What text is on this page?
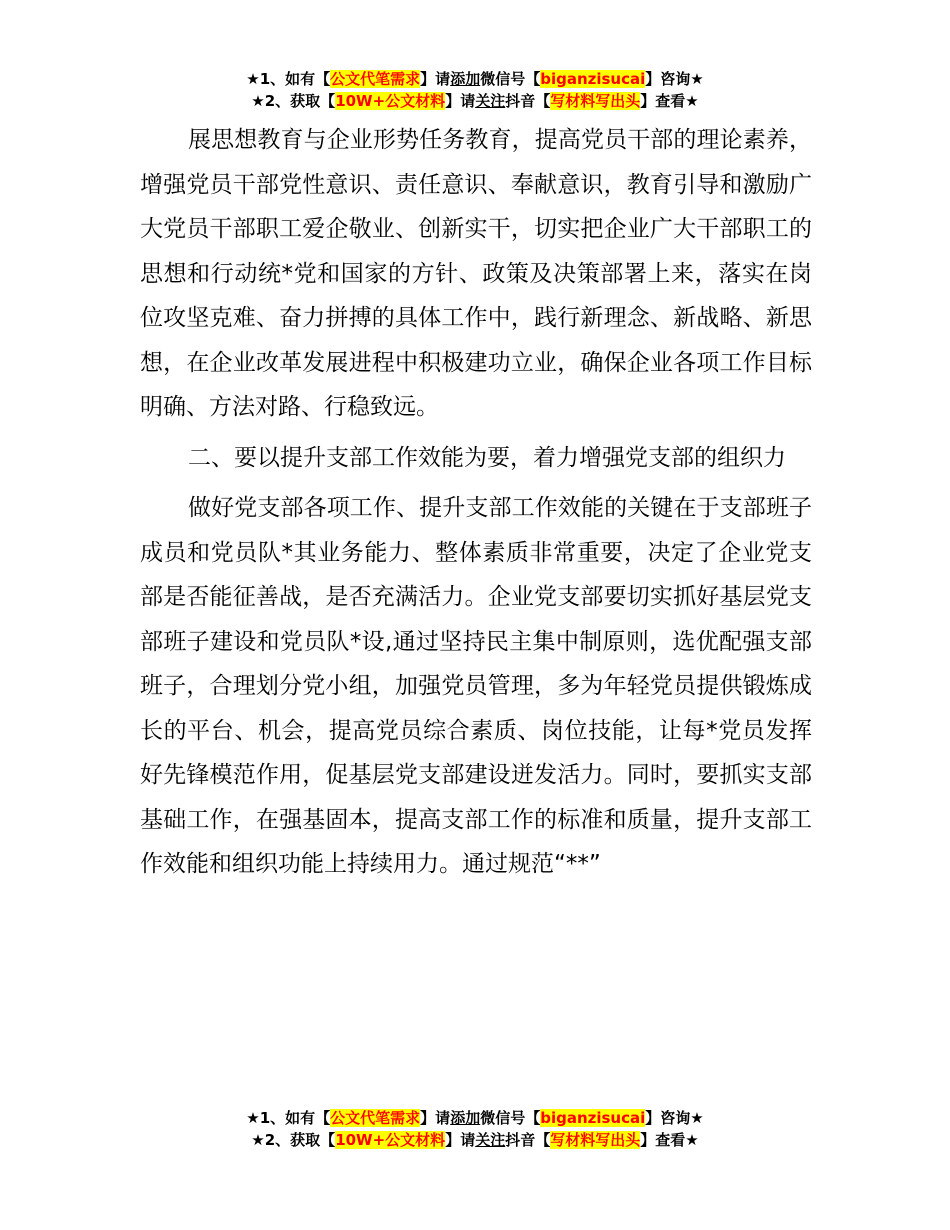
★1、如有【公文代笔需求】请添加微信号【biganzisucai】咨询★
★2、获取【10W+公文材料】请关注抖音【写材料写出头】查看★

展思想教育与企业形势任务教育，提高党员干部的理论素养，增强党员干部党性意识、责任意识、奉献意识，教育引导和激励广大党员干部职工爱企敬业、创新实干，切实把企业广大干部职工的思想和行动统*党和国家的方针、政策及决策部署上来，落实在岗位攻坚克难、奋力拼搏的具体工作中，践行新理念、新战略、新思想，在企业改革发展进程中积极建功立业，确保企业各项工作目标明确、方法对路、行稳致远。

二、要以提升支部工作效能为要，着力增强党支部的组织力

做好党支部各项工作、提升支部工作效能的关键在于支部班子成员和党员队*其业务能力、整体素质非常重要，决定了企业党支部是否能征善战，是否充满活力。企业党支部要切实抓好基层党支部班子建设和党员队*设,通过坚持民主集中制原则，选优配强支部班子，合理划分党小组，加强党员管理，多为年轻党员提供锻炼成长的平台、机会，提高党员综合素质、岗位技能，让每*党员发挥好先锋模范作用，促基层党支部建设迸发活力。同时，要抓实支部基础工作，在强基固本，提高支部工作的标准和质量，提升支部工作效能和组织功能上持续用力。通过规范“**”

★1、如有【公文代笔需求】请添加微信号【biganzisucai】咨询★
★2、获取【10W+公文材料】请关注抖音【写材料写出头】查看★
